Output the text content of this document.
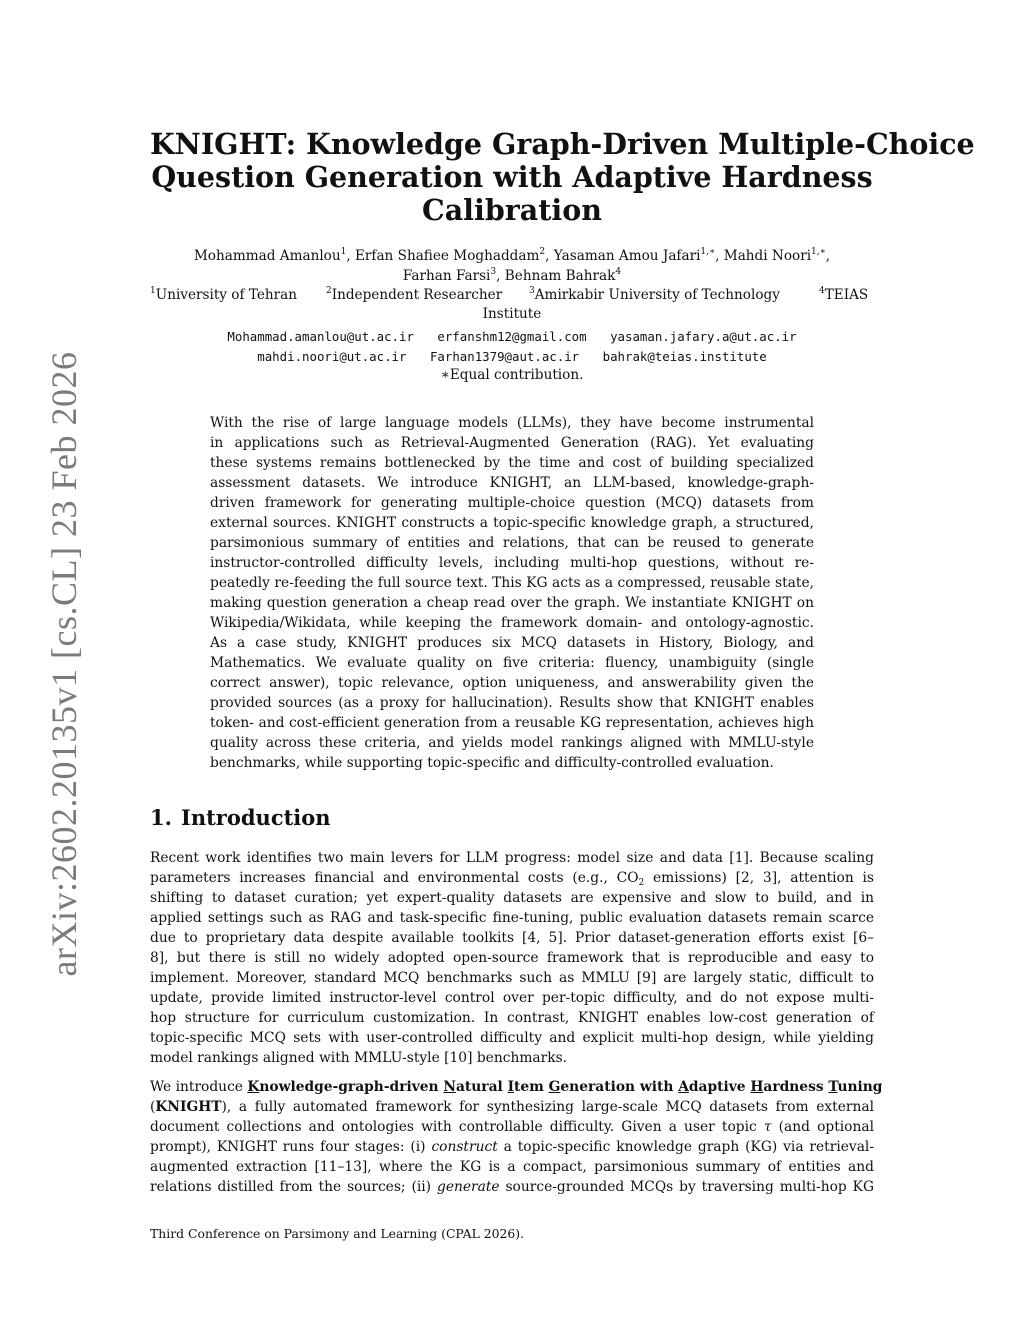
arXiv:2602.20135v1 [cs.CL] 23 Feb 2026
KNIGHT: Knowledge Graph-Driven Multiple-Choice
Question Generation with Adaptive Hardness
Calibration
Mohammad Amanlou$^1$, Erfan Shafiee Moghaddam$^2$, Yasaman Amou Jafari$^{1,∗}$, Mahdi Noori$^{1,∗}$,
Farhan Farsi$^3$, Behnam Bahrak$^4$
$^1$University of Tehran	$^2$Independent Researcher	$^3$Amirkabir University of Technology	$^4$TEIAS
Institute
Mohammad.amanlou@ut.ac.ir erfanshm12@gmail.com yasaman.jafary.a@ut.ac.ir
mahdi.noori@ut.ac.ir Farhan1379@aut.ac.ir bahrak@teias.institute
∗Equal contribution.
With the rise of large language models (LLMs), they have become instrumental
in applications such as Retrieval-Augmented Generation (RAG). Yet evaluating
these systems remains bottlenecked by the time and cost of building specialized
assessment datasets. We introduce KNIGHT, an LLM-based, knowledge-graph-
driven framework for generating multiple-choice question (MCQ) datasets from
external sources. KNIGHT constructs a topic-specific knowledge graph, a structured,
parsimonious summary of entities and relations, that can be reused to generate
instructor-controlled difficulty levels, including multi-hop questions, without re-
peatedly re-feeding the full source text. This KG acts as a compressed, reusable state,
making question generation a cheap read over the graph. We instantiate KNIGHT on
Wikipedia/Wikidata, while keeping the framework domain- and ontology-agnostic.
As a case study, KNIGHT produces six MCQ datasets in History, Biology, and
Mathematics. We evaluate quality on five criteria: fluency, unambiguity (single
correct answer), topic relevance, option uniqueness, and answerability given the
provided sources (as a proxy for hallucination). Results show that KNIGHT enables
token- and cost-efficient generation from a reusable KG representation, achieves high
quality across these criteria, and yields model rankings aligned with MMLU-style
benchmarks, while supporting topic-specific and difficulty-controlled evaluation.
1. Introduction
Recent work identifies two main levers for LLM progress: model size and data [1]. Because scaling
parameters increases financial and environmental costs (e.g., $CO_2$ emissions) [2, 3], attention is
shifting to dataset curation; yet expert-quality datasets are expensive and slow to build, and in
applied settings such as RAG and task-specific fine-tuning, public evaluation datasets remain scarce
due to proprietary data despite available toolkits [4, 5]. Prior dataset-generation efforts exist [6–
8], but there is still no widely adopted open-source framework that is reproducible and easy to
implement. Moreover, standard MCQ benchmarks such as MMLU [9] are largely static, difficult to
update, provide limited instructor-level control over per-topic difficulty, and do not expose multi-
hop structure for curriculum customization. In contrast, KNIGHT enables low-cost generation of
topic-specific MCQ sets with user-controlled difficulty and explicit multi-hop design, while yielding
model rankings aligned with MMLU-style [10] benchmarks.
We introduce Knowledge-graph-driven Natural Item Generation with Adaptive Hardness Tuning
(KNIGHT), a fully automated framework for synthesizing large-scale MCQ datasets from external
document collections and ontologies with controllable difficulty. Given a user topic τ (and optional
prompt), KNIGHT runs four stages: (i) construct a topic-specific knowledge graph (KG) via retrieval-
augmented extraction [11–13], where the KG is a compact, parsimonious summary of entities and
relations distilled from the sources; (ii) generate source-grounded MCQs by traversing multi-hop KG
Third Conference on Parsimony and Learning (CPAL 2026).
